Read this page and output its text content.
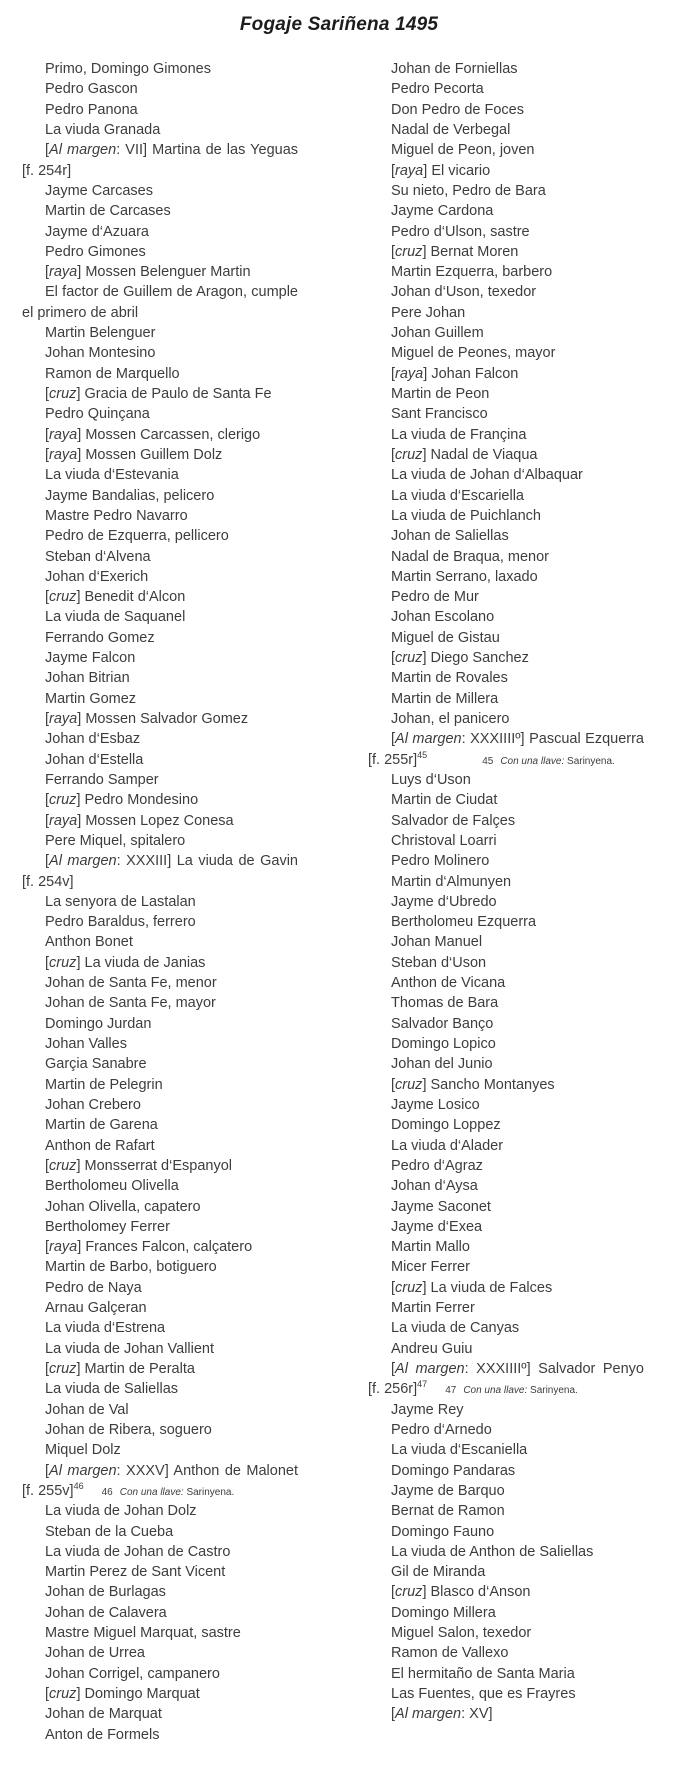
Fogaje Sariñena 1495
Primo, Domingo Gimones
Pedro Gascon
Pedro Panona
La viuda Granada
[Al margen: VII] Martina de las Yeguas
[f. 254r]
Jayme Carcases
Martin de Carcases
Jayme d‘Azuara
Pedro Gimones
[raya] Mossen Belenguer Martin
El factor de Guillem de Aragon, cumple
el primero de abril
Martin Belenguer
Johan Montesino
Ramon de Marquello
[cruz] Gracia de Paulo de Santa Fe
Pedro Quinçana
[raya] Mossen Carcassen, clerigo
[raya] Mossen Guillem Dolz
La viuda d‘Estevania
Jayme Bandalias, pelicero
Mastre Pedro Navarro
Pedro de Ezquerra, pellicero
Steban d‘Alvena
Johan d‘Exerich
[cruz] Benedit d‘Alcon
La viuda de Saquanel
Ferrando Gomez
Jayme Falcon
Johan Bitrian
Martin Gomez
[raya] Mossen Salvador Gomez
Johan d‘Esbaz
Johan d‘Estella
Ferrando Samper
[cruz] Pedro Mondesino
[raya] Mossen Lopez Conesa
Pere Miquel, spitalero
[Al margen: XXXIII] La viuda de Gavin
[f. 254v]
La senyora de Lastalan
Pedro Baraldus, ferrero
Anthon Bonet
[cruz] La viuda de Janias
Johan de Santa Fe, menor
Johan de Santa Fe, mayor
Domingo Jurdan
Johan Valles
Garçia Sanabre
Martin de Pelegrin
Johan Crebero
Martin de Garena
Anthon de Rafart
[cruz] Monsserrat d‘Espanyol
Bertholomeu Olivella
Johan Olivella, capatero
Bertholomey Ferrer
[raya] Frances Falcon, calçatero
Martin de Barbo, botiguero
Pedro de Naya
Arnau Galçeran
La viuda d‘Estrena
La viuda de Johan Vallient
[cruz] Martin de Peralta
La viuda de Saliellas
Johan de Val
Johan de Ribera, soguero
Miquel Dolz
[Al margen: XXXV] Anthon de Malonet
[f. 255v]$^{46}$46 Con una llave: Sarinyena.
La viuda de Johan Dolz
Steban de la Cueba
La viuda de Johan de Castro
Martin Perez de Sant Vicent
Johan de Burlagas
Johan de Calavera
Mastre Miguel Marquat, sastre
Johan de Urrea
Johan Corrigel, campanero
[cruz] Domingo Marquat
Johan de Marquat
Anton de Formels
Johan de Forniellas
Pedro Pecorta
Don Pedro de Foces
Nadal de Verbegal
Miguel de Peon, joven
[raya] El vicario
Su nieto, Pedro de Bara
Jayme Cardona
Pedro d‘Ulson, sastre
[cruz] Bernat Moren
Martin Ezquerra, barbero
Johan d‘Uson, texedor
Pere Johan
Johan Guillem
Miguel de Peones, mayor
[raya] Johan Falcon
Martin de Peon
Sant Francisco
La viuda de Françina
[cruz] Nadal de Viaqua
La viuda de Johan d‘Albaquar
La viuda d‘Escariella
La viuda de Puichlanch
Johan de Saliellas
Nadal de Braqua, menor
Martin Serrano, laxado
Pedro de Mur
Johan Escolano
Miguel de Gistau
[cruz] Diego Sanchez
Martin de Rovales
Martin de Millera
Johan, el panicero
[Al margen: XXXIIIIº] Pascual Ezquerra
[f. 255r]$^{45}$45 Con una llave: Sarinyena.
Luys d‘Uson
Martin de Ciudat
Salvador de Falçes
Christoval Loarri
Pedro Molinero
Martin d‘Almunyen
Jayme d‘Ubredo
Bertholomeu Ezquerra
Johan Manuel
Steban d‘Uson
Anthon de Vicana
Thomas de Bara
Salvador Banço
Domingo Lopico
Johan del Junio
[cruz] Sancho Montanyes
Jayme Losico
Domingo Loppez
La viuda d‘Alader
Pedro d‘Agraz
Johan d‘Aysa
Jayme Saconet
Jayme d‘Exea
Martin Mallo
Micer Ferrer
[cruz] La viuda de Falces
Martin Ferrer
La viuda de Canyas
Andreu Guiu
[Al margen: XXXIIIIº] Salvador Penyo
[f. 256r]$^{47}$47 Con una llave: Sarinyena.
Jayme Rey
Pedro d‘Arnedo
La viuda d‘Escaniella
Domingo Pandaras
Jayme de Barquo
Bernat de Ramon
Domingo Fauno
La viuda de Anthon de Saliellas
Gil de Miranda
[cruz] Blasco d‘Anson
Domingo Millera
Miguel Salon, texedor
Ramon de Vallexo
El hermitaño de Santa Maria
Las Fuentes, que es Frayres
[Al margen: XV]
